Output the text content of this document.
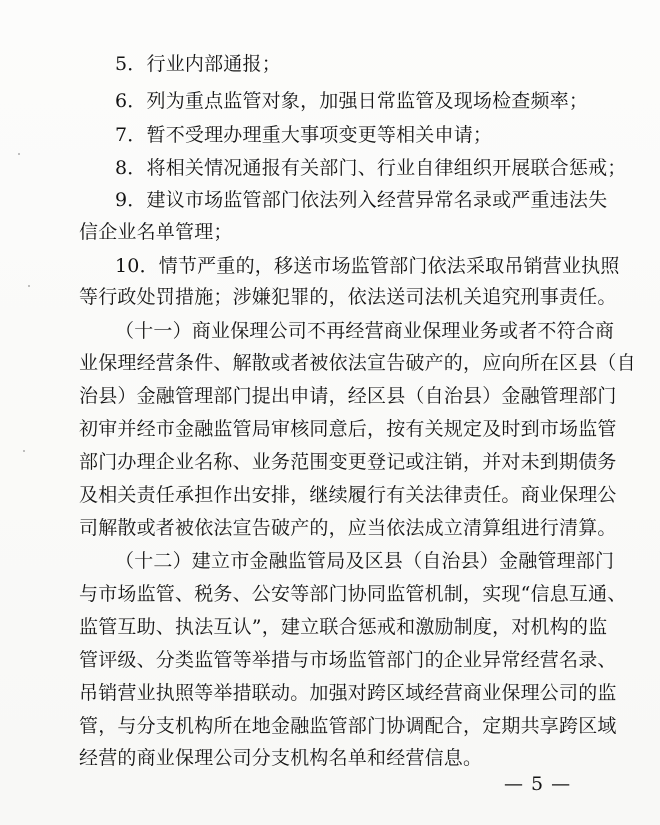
5．行业内部通报；
6．列为重点监管对象，加强日常监管及现场检查频率；
7．暂不受理办理重大事项变更等相关申请；
8．将相关情况通报有关部门、行业自律组织开展联合惩戒；
9．建议市场监管部门依法列入经营异常名录或严重违法失
信企业名单管理；
10．情节严重的，移送市场监管部门依法采取吊销营业执照
等行政处罚措施；涉嫌犯罪的，依法送司法机关追究刑事责任。
（十一）商业保理公司不再经营商业保理业务或者不符合商
业保理经营条件、解散或者被依法宣告破产的，应向所在区县（自
治县）金融管理部门提出申请，经区县（自治县）金融管理部门
初审并经市金融监管局审核同意后，按有关规定及时到市场监管
部门办理企业名称、业务范围变更登记或注销，并对未到期债务
及相关责任承担作出安排，继续履行有关法律责任。商业保理公
司解散或者被依法宣告破产的，应当依法成立清算组进行清算。
（十二）建立市金融监管局及区县（自治县）金融管理部门
与市场监管、税务、公安等部门协同监管机制，实现“信息互通、
监管互助、执法互认”，建立联合惩戒和激励制度，对机构的监
管评级、分类监管等举措与市场监管部门的企业异常经营名录、
吊销营业执照等举措联动。加强对跨区域经营商业保理公司的监
管，与分支机构所在地金融监管部门协调配合，定期共享跨区域
经营的商业保理公司分支机构名单和经营信息。
— 5 —
